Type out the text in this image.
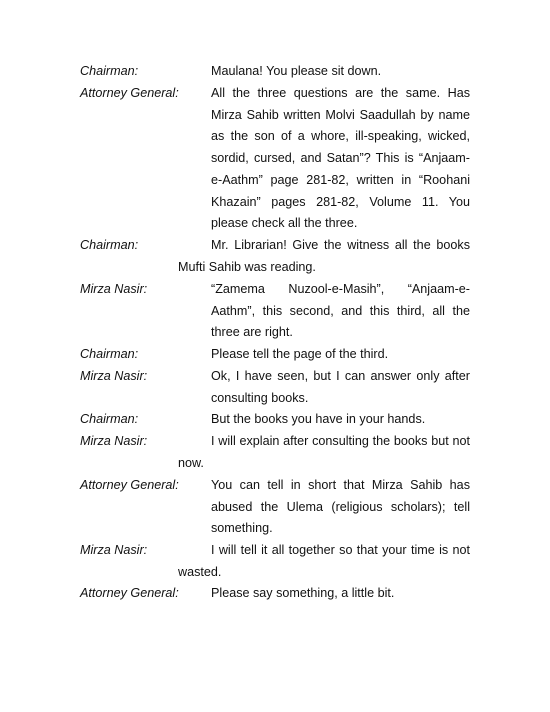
Chairman:	Maulana! You please sit down.
Attorney General:	All the three questions are the same. Has Mirza Sahib written Molvi Saadullah by name as the son of a whore, ill-speaking, wicked, sordid, cursed, and Satan”? This is “Anjaam-e-Aathm” page 281-82, written in “Roohani Khazain” pages 281-82, Volume 11. You please check all the three.
Chairman:	Mr. Librarian! Give the witness all the books Mufti Sahib was reading.
Mirza Nasir:	“Zamema Nuzool-e-Masih”, “Anjaam-e-Aathm”, this second, and this third, all the three are right.
Chairman:	Please tell the page of the third.
Mirza Nasir:	Ok, I have seen, but I can answer only after consulting books.
Chairman:	But the books you have in your hands.
Mirza Nasir:	I will explain after consulting the books but not now.
Attorney General:	You can tell in short that Mirza Sahib has abused the Ulema (religious scholars); tell something.
Mirza Nasir:	I will tell it all together so that your time is not wasted.
Attorney General:	Please say something, a little bit.
